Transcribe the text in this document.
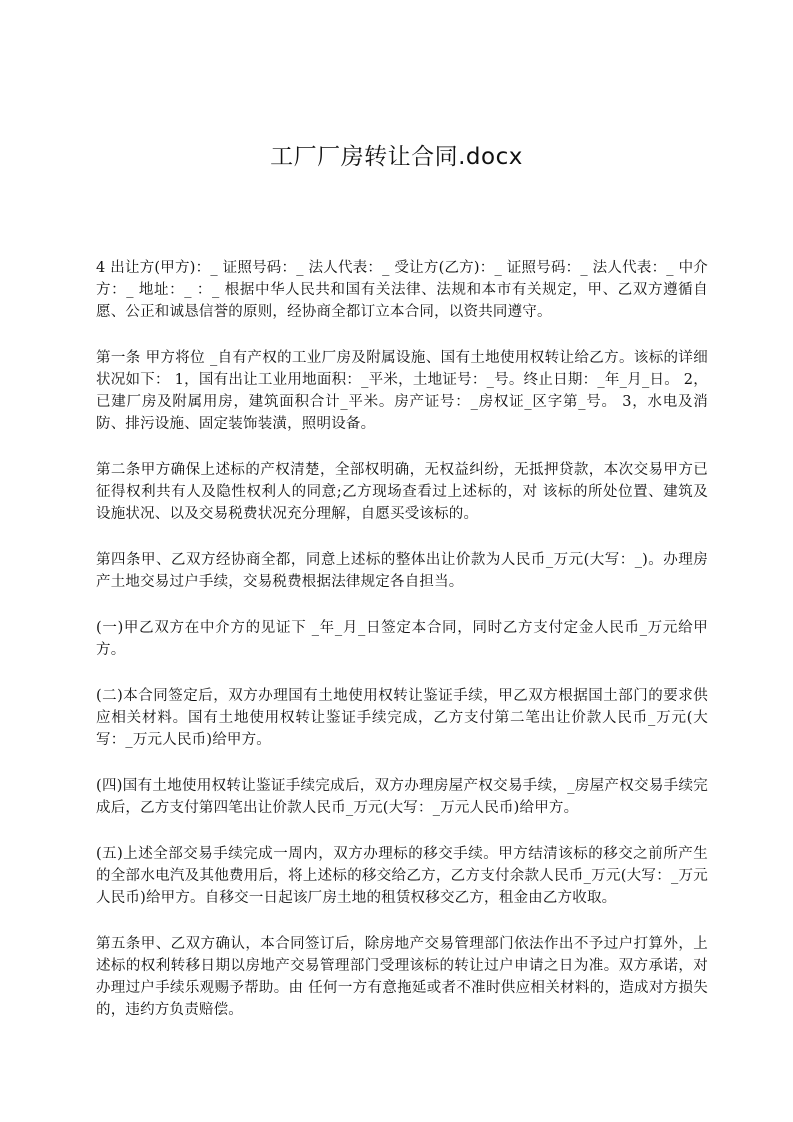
工厂厂房转让合同.docx

4 出让方(甲方)：_ 证照号码：_ 法人代表：_ 受让方(乙方)：_ 证照号码：_ 法人代表：_ 中介方：_ 地址：_ ：_ 根据中华人民共和国有关法律、法规和本市有关规定，甲、乙双方遵循自愿、公正和诚恳信誉的原则，经协商全都订立本合同，以资共同遵守。

第一条 甲方将位 _自有产权的工业厂房及附属设施、国有土地使用权转让给乙方。该标的详细状况如下： 1，国有出让工业用地面积：_平米，土地证号：_号。终止日期：_年_月_日。 2，已建厂房及附属用房，建筑面积合计_平米。房产证号：_房权证_区字第_号。 3，水电及消防、排污设施、固定装饰装潢，照明设备。

第二条甲方确保上述标的产权清楚，全部权明确，无权益纠纷，无抵押贷款，本次交易甲方已征得权利共有人及隐性权利人的同意;乙方现场查看过上述标的，对 该标的所处位置、建筑及设施状况、以及交易税费状况充分理解，自愿买受该标的。

第四条甲、乙双方经协商全都，同意上述标的整体出让价款为人民币_万元(大写：_)。办理房产土地交易过户手续，交易税费根据法律规定各自担当。

(一)甲乙双方在中介方的见证下 _年_月_日签定本合同，同时乙方支付定金人民币_万元给甲方。

(二)本合同签定后，双方办理国有土地使用权转让鉴证手续，甲乙双方根据国土部门的要求供应相关材料。国有土地使用权转让鉴证手续完成，乙方支付第二笔出让价款人民币_万元(大写：_万元人民币)给甲方。

(四)国有土地使用权转让鉴证手续完成后，双方办理房屋产权交易手续，_房屋产权交易手续完成后，乙方支付第四笔出让价款人民币_万元(大写：_万元人民币)给甲方。

(五)上述全部交易手续完成一周内，双方办理标的移交手续。甲方结清该标的移交之前所产生的全部水电汽及其他费用后，将上述标的移交给乙方，乙方支付余款人民币_万元(大写：_万元人民币)给甲方。自移交一日起该厂房土地的租赁权移交乙方，租金由乙方收取。

第五条甲、乙双方确认，本合同签订后，除房地产交易管理部门依法作出不予过户打算外，上述标的权利转移日期以房地产交易管理部门受理该标的转让过户申请之日为准。双方承诺，对 办理过户手续乐观赐予帮助。由 任何一方有意拖延或者不准时供应相关材料的，造成对方损失的，违约方负责赔偿。
